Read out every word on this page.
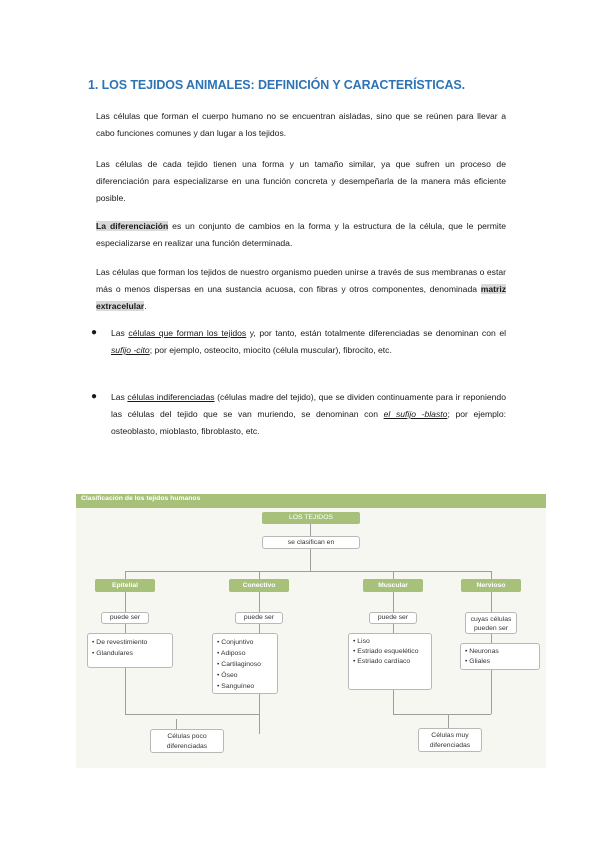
1. LOS TEJIDOS ANIMALES: DEFINICIÓN Y CARACTERÍSTICAS.
Las células que forman el cuerpo humano no se encuentran aisladas, sino que se reúnen para llevar a cabo funciones comunes y dan lugar a los tejidos.
Las células de cada tejido tienen una forma y un tamaño similar, ya que sufren un proceso de diferenciación para especializarse en una función concreta y desempeñarla de la manera más eficiente posible.
La diferenciación es un conjunto de cambios en la forma y la estructura de la célula, que le permite especializarse en realizar una función determinada.
Las células que forman los tejidos de nuestro organismo pueden unirse a través de sus membranas o estar más o menos dispersas en una sustancia acuosa, con fibras y otros componentes, denominada matriz extracelular.
● Las células que forman los tejidos y, por tanto, están totalmente diferenciadas se denominan con el sufijo -cito; por ejemplo, osteocito, miocito (célula muscular), fibrocito, etc.
● Las células indiferenciadas (células madre del tejido), que se dividen continuamente para ir reponiendo las células del tejido que se van muriendo, se denominan con el sufijo -blasto; por ejemplo: osteoblasto, mioblasto, fibroblasto, etc.
Clasificación de los tejidos humanos
LOS TEJIDOS
se clasifican en
Epitelial
puede ser
• De revestimiento
• Glandulares
Conectivo
puede ser
• Conjuntivo
• Adiposo
• Cartilaginoso
• Óseo
• Sanguíneo
Muscular
puede ser
• Liso
• Estriado esquelético
• Estriado cardíaco
Nervioso
cuyas células pueden ser
• Neuronas
• Gliales
Células poco diferenciadas
Células muy diferenciadas
